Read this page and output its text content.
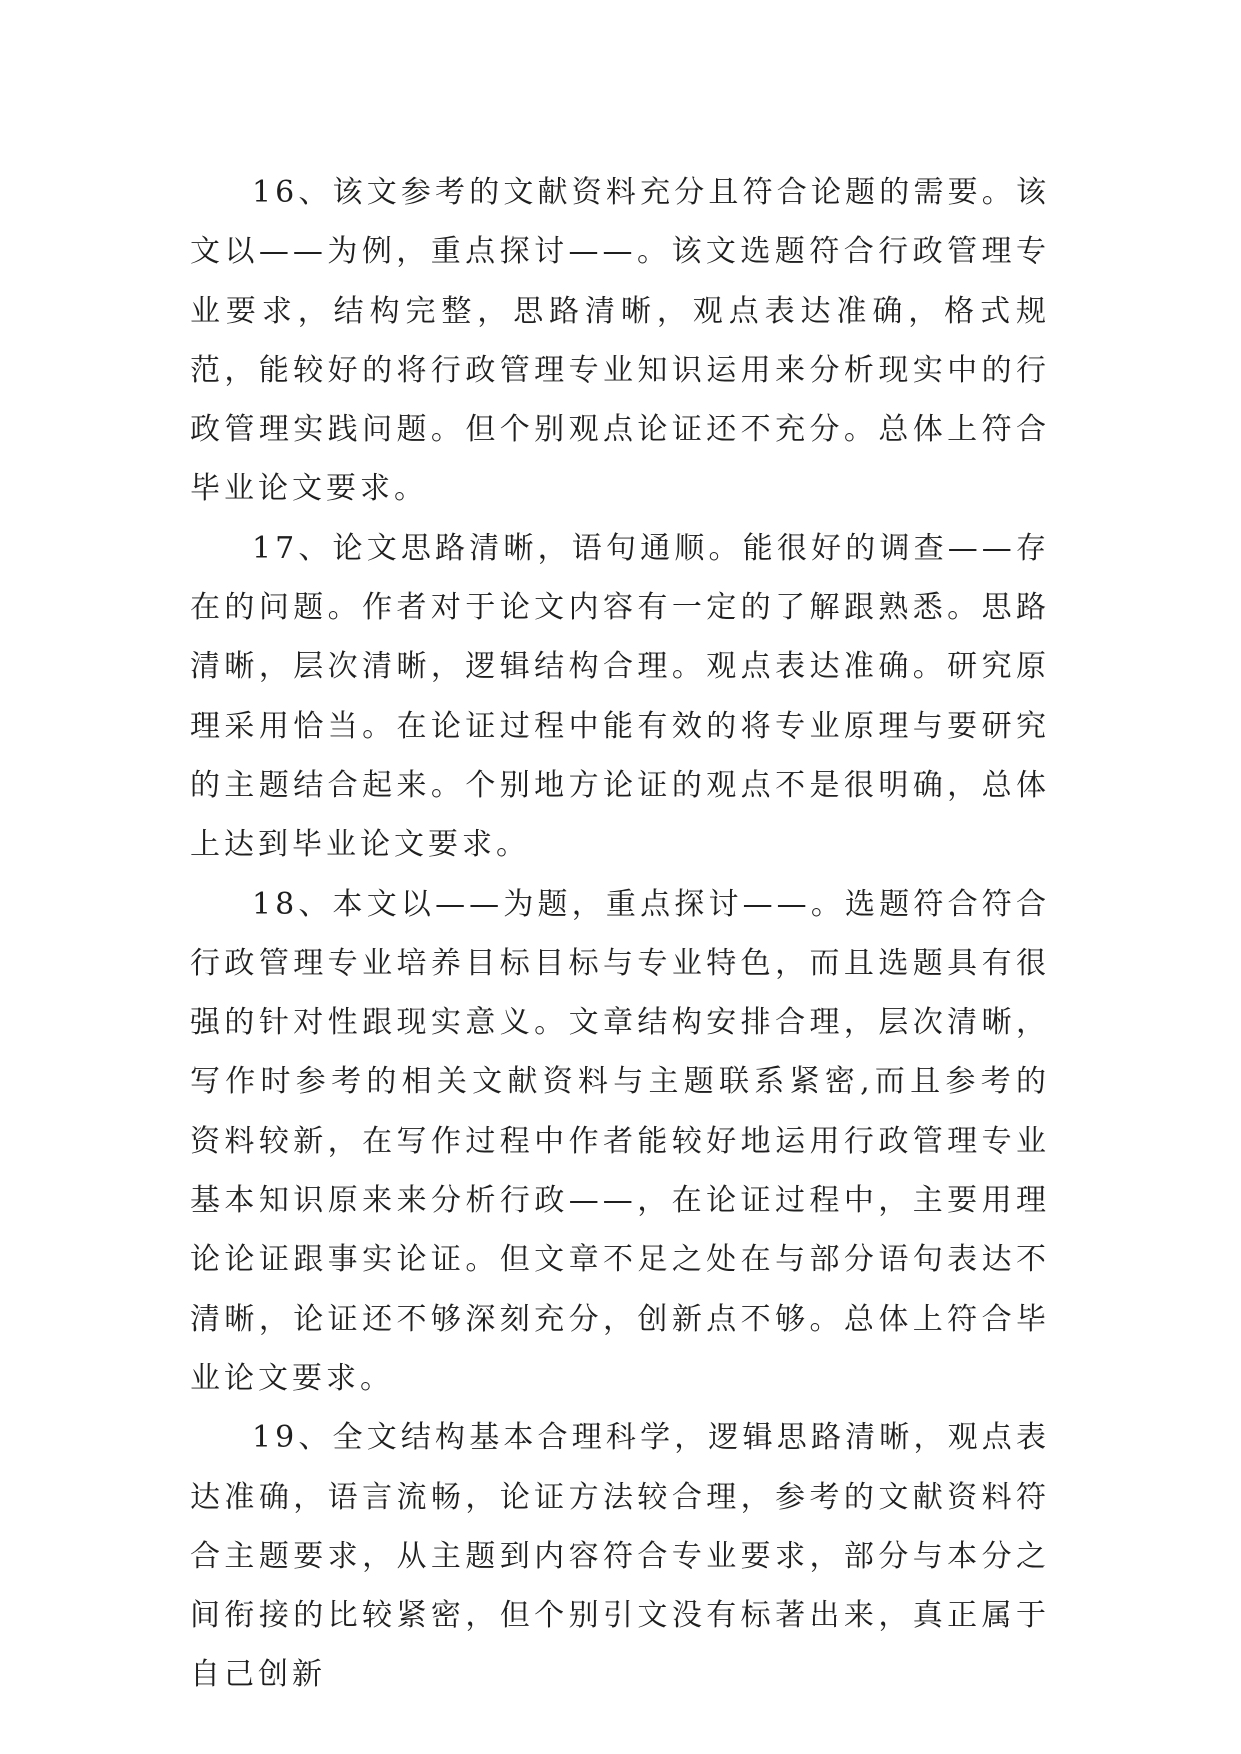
16、该文参考的文献资料充分且符合论题的需要。该文以——为例，重点探讨——。该文选题符合行政管理专业要求，结构完整，思路清晰，观点表达准确，格式规范，能较好的将行政管理专业知识运用来分析现实中的行政管理实践问题。但个别观点论证还不充分。总体上符合毕业论文要求。

17、论文思路清晰，语句通顺。能很好的调查——存在的问题。作者对于论文内容有一定的了解跟熟悉。思路清晰，层次清晰，逻辑结构合理。观点表达准确。研究原理采用恰当。在论证过程中能有效的将专业原理与要研究的主题结合起来。个别地方论证的观点不是很明确，总体上达到毕业论文要求。

18、本文以——为题，重点探讨——。选题符合符合行政管理专业培养目标目标与专业特色，而且选题具有很强的针对性跟现实意义。文章结构安排合理，层次清晰，写作时参考的相关文献资料与主题联系紧密,而且参考的资料较新，在写作过程中作者能较好地运用行政管理专业基本知识原来来分析行政——，在论证过程中，主要用理论论证跟事实论证。但文章不足之处在与部分语句表达不清晰，论证还不够深刻充分，创新点不够。总体上符合毕业论文要求。

19、全文结构基本合理科学，逻辑思路清晰，观点表达准确，语言流畅，论证方法较合理，参考的文献资料符合主题要求，从主题到内容符合专业要求，部分与本分之间衔接的比较紧密，但个别引文没有标著出来，真正属于自己创新
